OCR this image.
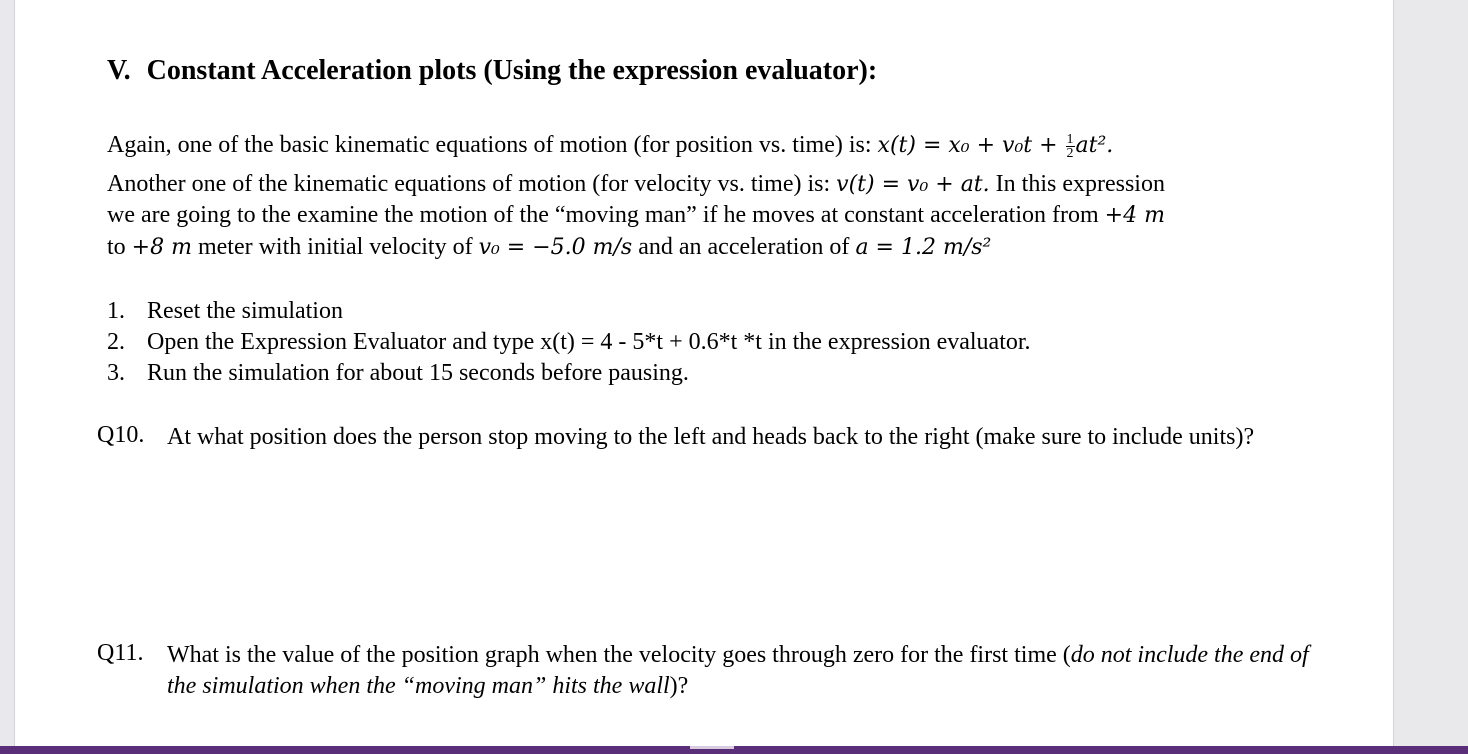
V. Constant Acceleration plots (Using the expression evaluator):
Again, one of the basic kinematic equations of motion (for position vs. time) is: $x(t) = x_0 + v_0t + \frac{1}{2} at^2$.
Another one of the kinematic equations of motion (for velocity vs. time) is: v(t) = v₀ + at. In this expression
we are going to the examine the motion of the “moving man” if he moves at constant acceleration from +4 m
to +8 m meter with initial velocity of v₀ = −5.0 m/s and an acceleration of a = 1.2 m/s²
1. Reset the simulation
2. Open the Expression Evaluator and type x(t) = 4 - 5*t + 0.6*t *t in the expression evaluator.
3. Run the simulation for about 15 seconds before pausing.
Q10. At what position does the person stop moving to the left and heads back to the right (make sure to include units)?
Q11. What is the value of the position graph when the velocity goes through zero for the first time (do not include the end of the simulation when the “moving man” hits the wall)?
